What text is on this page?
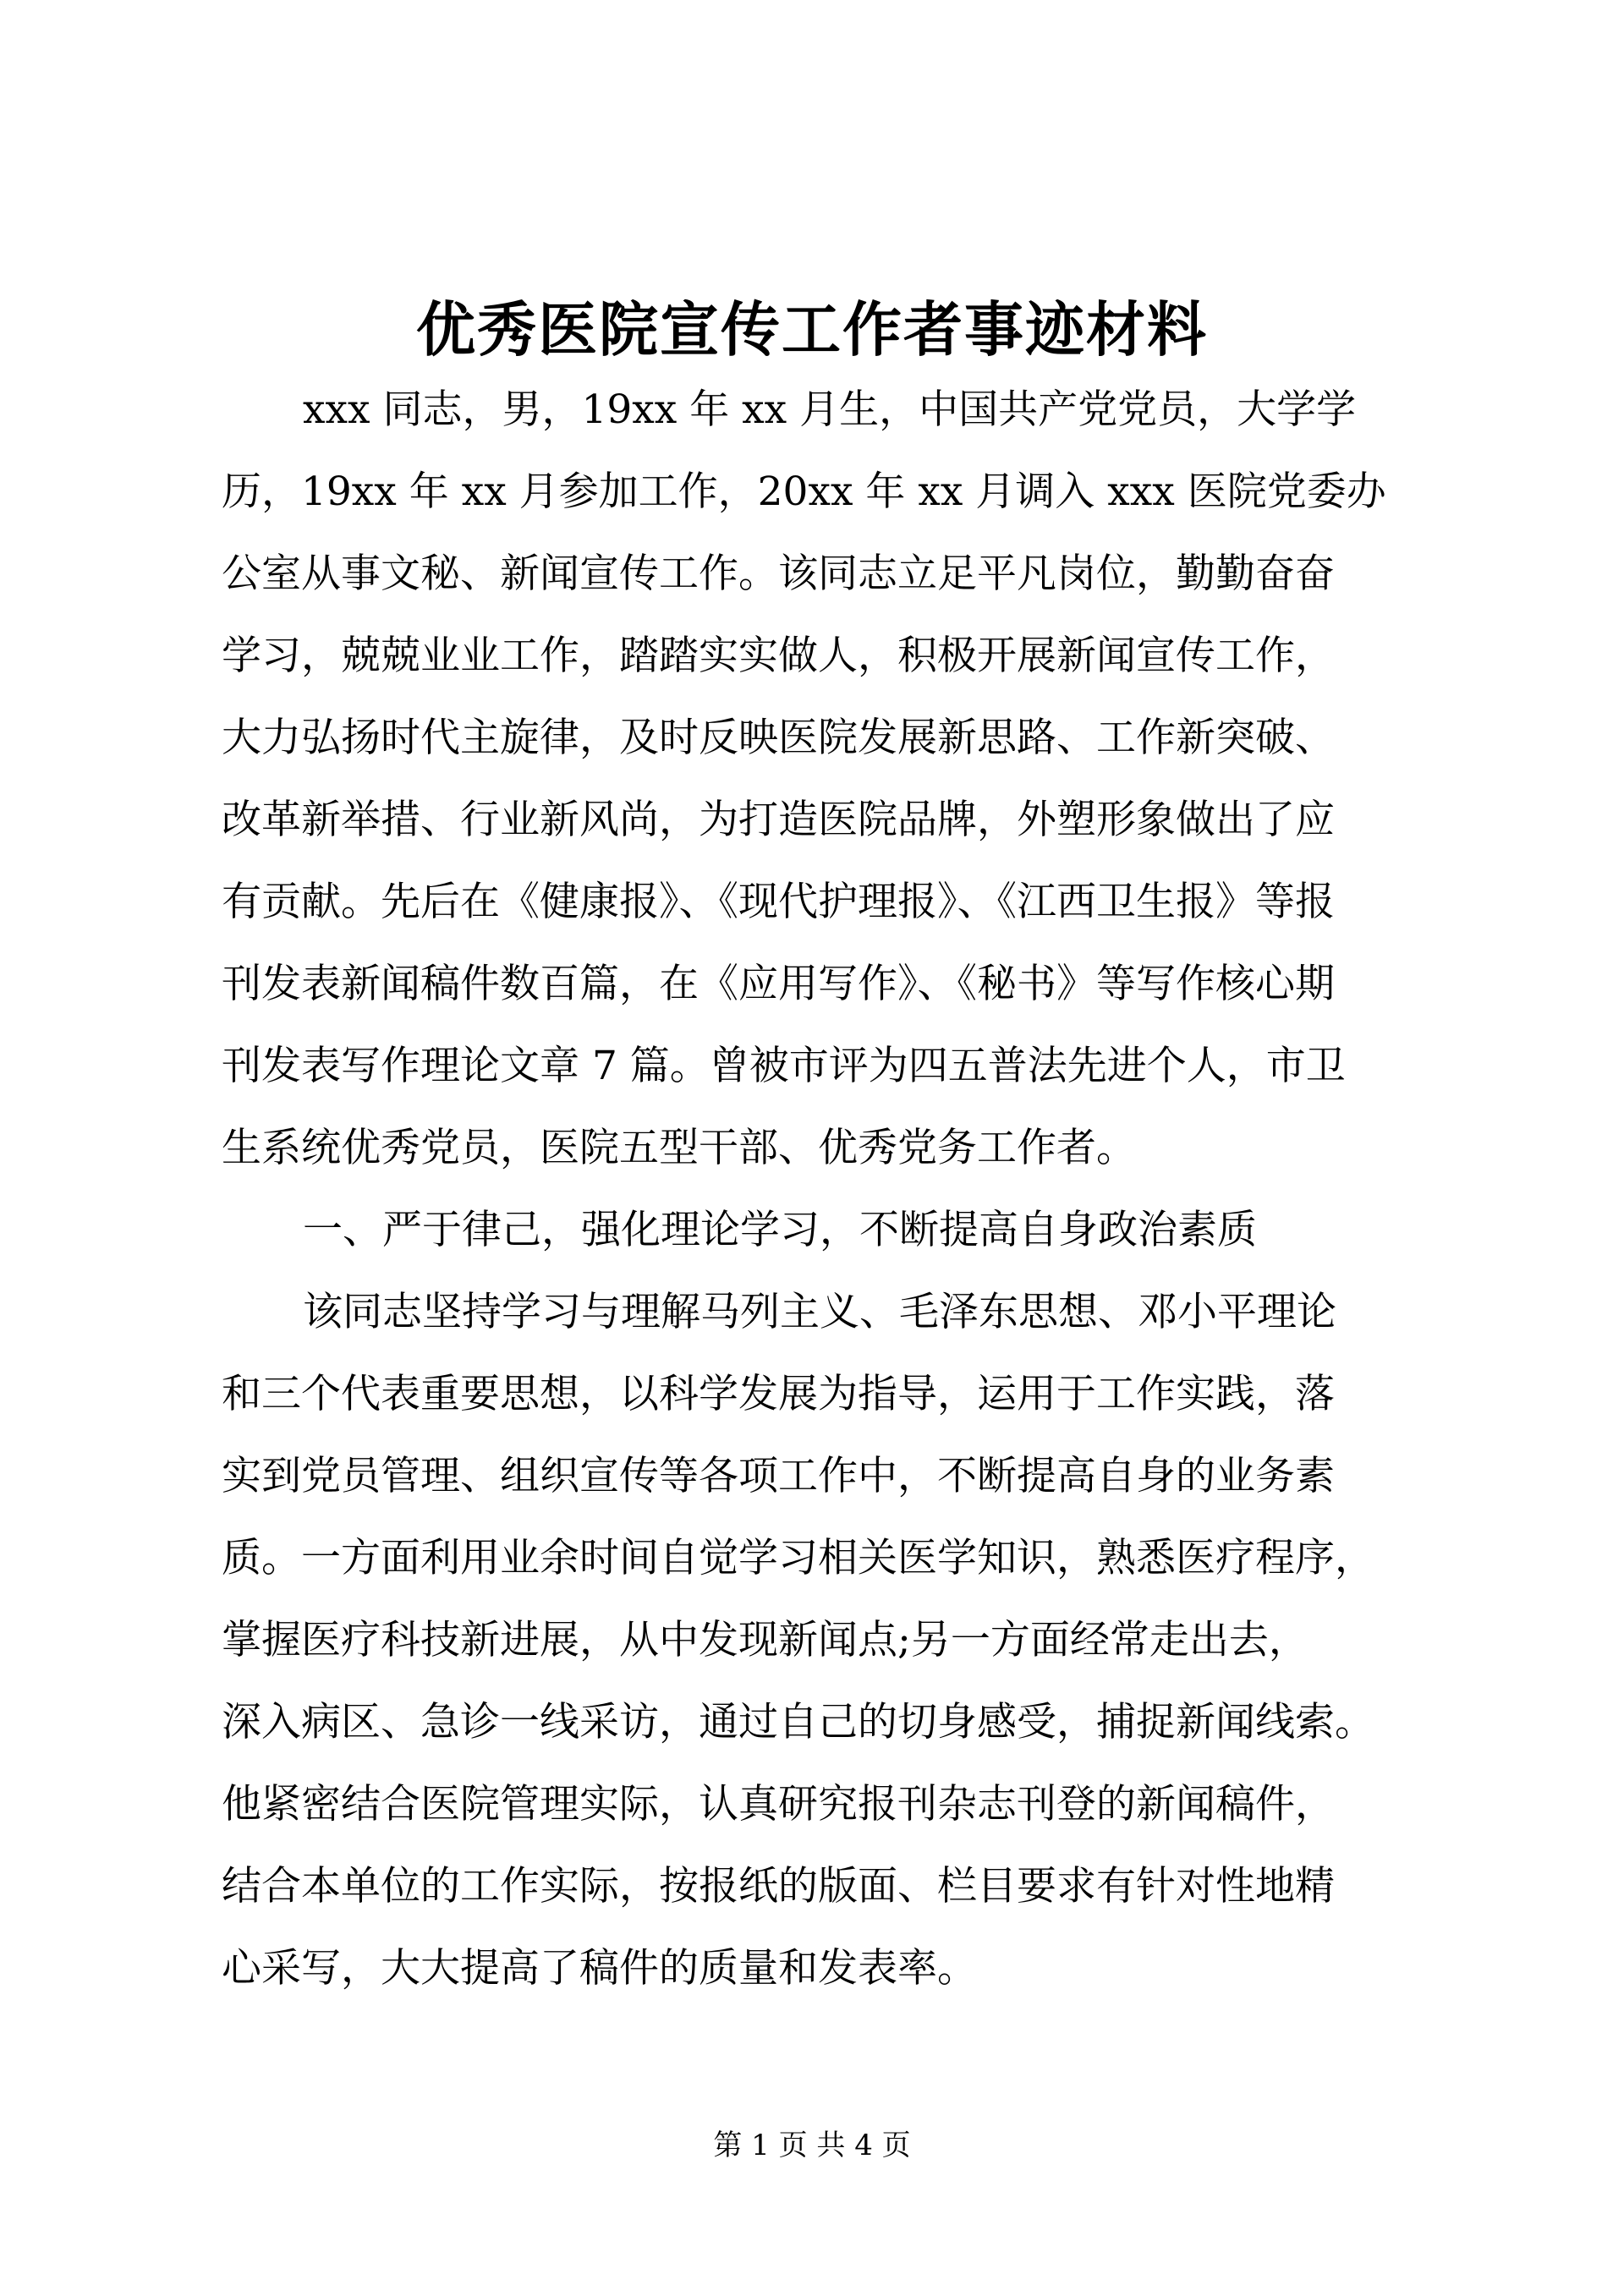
优秀医院宣传工作者事迹材料
xxx 同志，男，19xx 年 xx 月生，中国共产党党员，大学学
历，19xx 年 xx 月参加工作，20xx 年 xx 月调入 xxx 医院党委办
公室从事文秘、新闻宣传工作。该同志立足平凡岗位，勤勤奋奋
学习，兢兢业业工作，踏踏实实做人，积极开展新闻宣传工作，
大力弘扬时代主旋律，及时反映医院发展新思路、工作新突破、
改革新举措、行业新风尚，为打造医院品牌，外塑形象做出了应
有贡献。先后在《健康报》、《现代护理报》、《江西卫生报》等报
刊发表新闻稿件数百篇，在《应用写作》、《秘书》等写作核心期
刊发表写作理论文章 7 篇。曾被市评为四五普法先进个人，市卫
生系统优秀党员，医院五型干部、优秀党务工作者。
一、严于律己，强化理论学习，不断提高自身政治素质
该同志坚持学习与理解马列主义、毛泽东思想、邓小平理论
和三个代表重要思想，以科学发展为指导，运用于工作实践，落
实到党员管理、组织宣传等各项工作中，不断提高自身的业务素
质。一方面利用业余时间自觉学习相关医学知识，熟悉医疗程序，
掌握医疗科技新进展，从中发现新闻点;另一方面经常走出去，
深入病区、急诊一线采访，通过自己的切身感受，捕捉新闻线索。
他紧密结合医院管理实际，认真研究报刊杂志刊登的新闻稿件，
结合本单位的工作实际，按报纸的版面、栏目要求有针对性地精
心采写，大大提高了稿件的质量和发表率。
第 1 页 共 4 页
